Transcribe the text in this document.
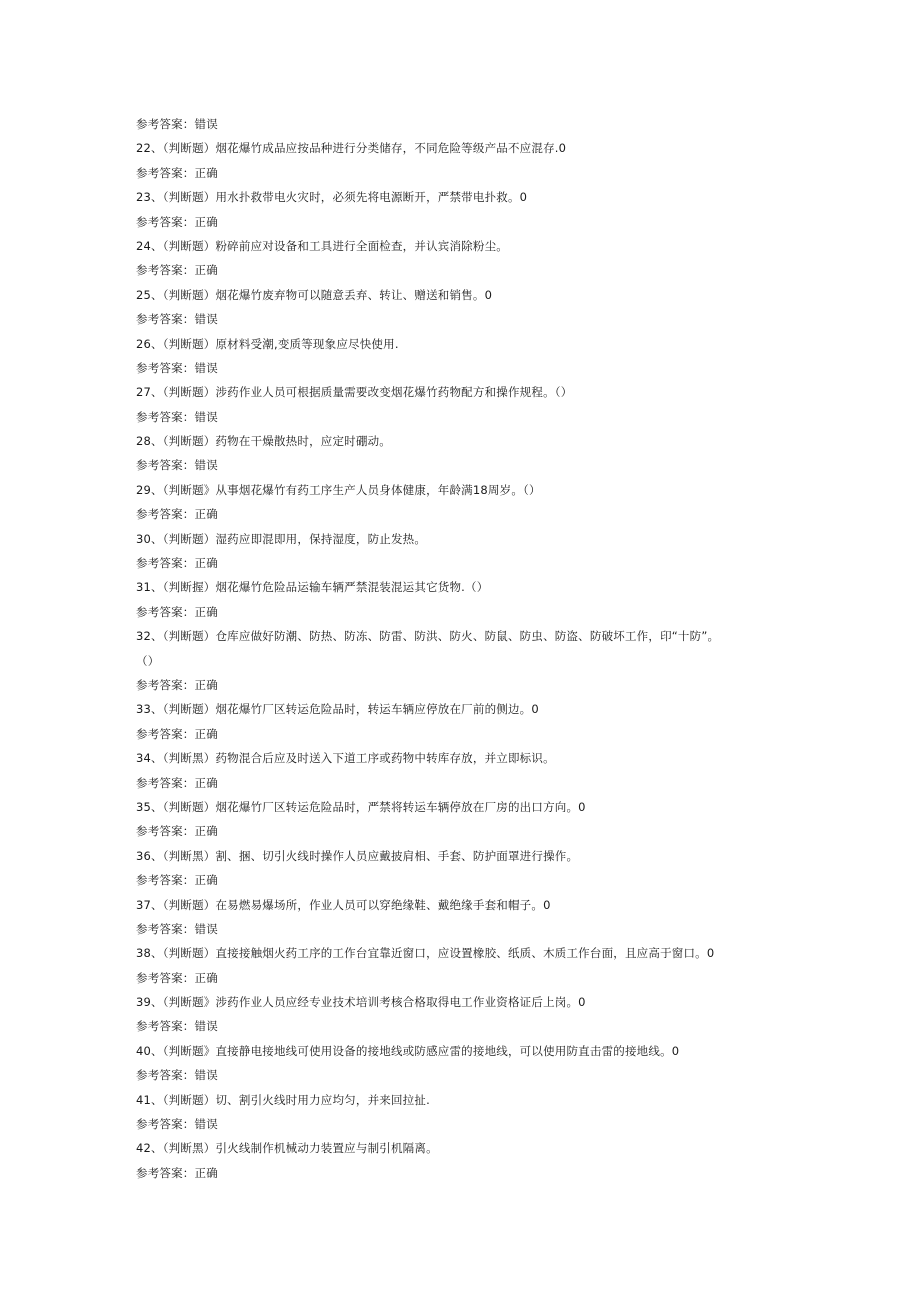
参考答案：错误
22、（判断题）烟花爆竹成品应按品种进行分类储存，不同危险等级产品不应混存.0
参考答案：正确
23、（判断题）用水扑救带电火灾时，必须先将电源断开，严禁带电扑救。0
参考答案：正确
24、（判断题）粉碎前应对设备和工具进行全面检查，并认宾消除粉尘。
参考答案：正确
25、（判断题）烟花爆竹废弃物可以随意丢弃、转让、赠送和销售。0
参考答案：错误
26、（判断题）原材料受潮,变质等现象应尽快使用.
参考答案：错误
27、（判断题）涉药作业人员可根据质量需要改变烟花爆竹药物配方和操作规程。（）
参考答案：错误
28、（判断题）药物在干燥散热时，应定时硼动。
参考答案：错误
29、（判断题》从事烟花爆竹有药工序生产人员身体健康，年龄满18周岁。（）
参考答案：正确
30、（判断题）湿药应即混即用，保持湿度，防止发热。
参考答案：正确
31、（判断握）烟花爆竹危险品运输车辆严禁混装混运其它货物.（）
参考答案：正确
32、（判断题）仓库应做好防潮、防热、防冻、防雷、防洪、防火、防鼠、防虫、防盗、防破坏工作，印“十防”。
（）
参考答案：正确
33、（判断题）烟花爆竹厂区转运危险品时，转运车辆应停放在厂前的侧边。0
参考答案：正确
34、（判断黑）药物混合后应及时送入下道工序或药物中转库存放，并立即标识。
参考答案：正确
35、（判断题）烟花爆竹厂区转运危险品时，严禁将转运车辆停放在厂房的出口方向。0
参考答案：正确
36、（判断黑）割、捆、切引火线时操作人员应戴披肩相、手套、防护面罩进行操作。
参考答案：正确
37、（判断题）在易燃易爆场所，作业人员可以穿绝缘鞋、戴绝缘手套和帽子。0
参考答案：错误
38、（判断题）直接接触烟火药工序的工作台宜靠近窗口，应设置橡胶、纸质、木质工作台面，且应高于窗口。0
参考答案：正确
39、（判断题》涉药作业人员应经专业技术培训考核合格取得电工作业资格证后上岗。0
参考答案：错误
40、（判断题》直接静电接地线可使用设备的接地线或防感应雷的接地线，可以使用防直击雷的接地线。0
参考答案：错误
41、（判断题）切、割引火线时用力应均匀，并来回拉扯.
参考答案：错误
42、（判断黑）引火线制作机械动力装置应与制引机隔离。
参考答案：正确
